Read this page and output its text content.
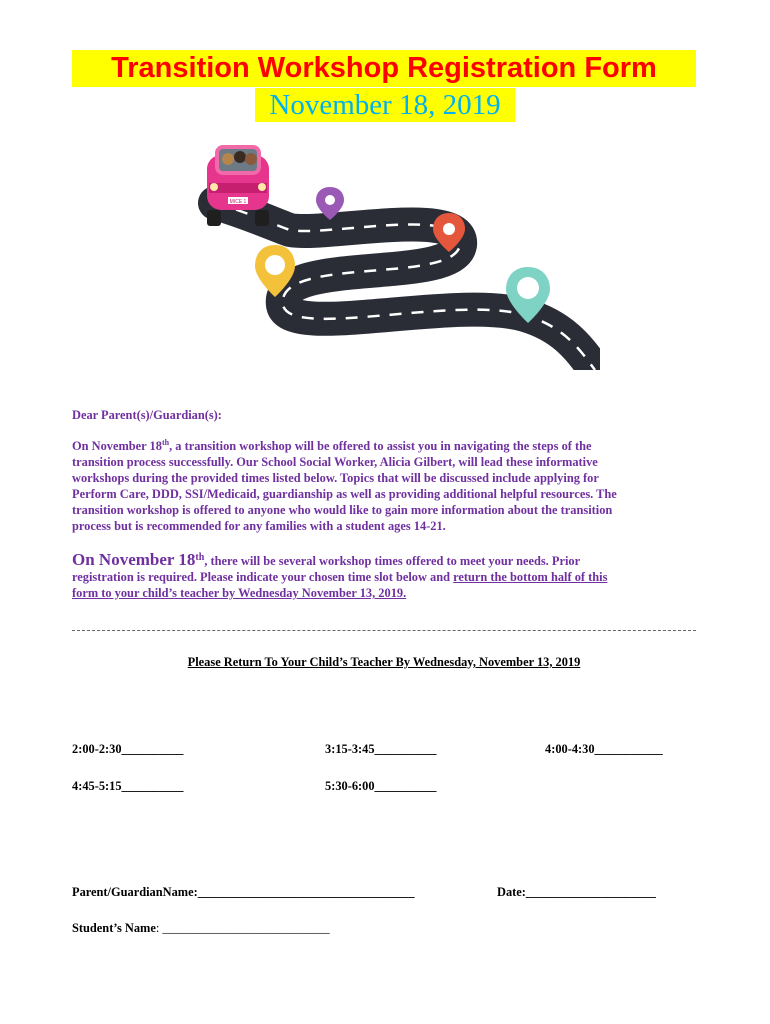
Transition Workshop Registration Form
November 18, 2019
MICE 1
Dear Parent(s)/Guardian(s):
On November 18th, a transition workshop will be offered to assist you in navigating the steps of the
transition process successfully. Our School Social Worker, Alicia Gilbert, will lead these informative
workshops during the provided times listed below. Topics that will be discussed include applying for
Perform Care, DDD, SSI/Medicaid, guardianship as well as providing additional helpful resources. The
transition workshop is offered to anyone who would like to gain more information about the transition
process but is recommended for any families with a student ages 14-21.
On November 18th, there will be several workshop times offered to meet your needs. Prior
registration is required. Please indicate your chosen time slot below and return the bottom half of this
form to your child’s teacher by Wednesday November 13, 2019.
Please Return To Your Child’s Teacher By Wednesday, November 13, 2019
2:00-2:30__________	3:15-3:45__________	4:00-4:30___________
4:45-5:15__________	5:30-6:00__________
Parent/GuardianName:___________________________________	Date:_____________________
Student’s Name: ___________________________
